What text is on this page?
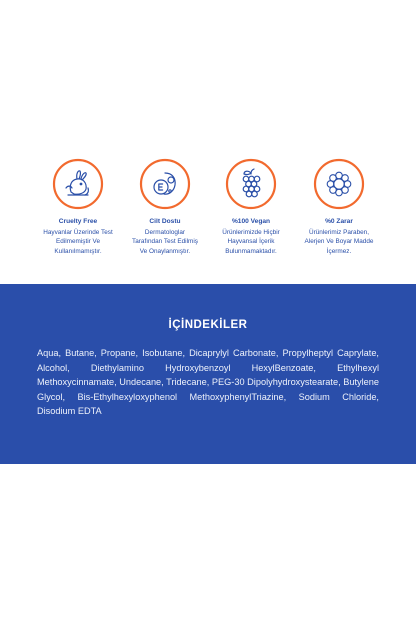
Cruelty Free
Hayvanlar Üzerinde Test
Edilmemiştir Ve
Kullanılmamıştır.
Cilt Dostu
Dermatologlar
Tarafından Test Edilmiş
Ve Onaylanmıştır.
%100 Vegan
Ürünlerimizde Hiçbir
Hayvansal İçerik
Bulunmamaktadır.
%0 Zarar
Ürünlerimiz Paraben,
Alerjen Ve Boyar Madde
İçermez.
İÇİNDEKİLER
Aqua, Butane, Propane, Isobutane, Dicaprylyl Carbonate, Propylheptyl Caprylate, Alcohol, Diethylamino Hydroxybenzoyl HexylBenzoate, Ethylhexyl Methoxycinnamate, Undecane, Tridecane, PEG-30 Dipolyhydroxystearate, Butylene Glycol, Bis-Ethylhexyloxyphenol MethoxyphenylTriazine, Sodium Chloride, Disodium EDTA
